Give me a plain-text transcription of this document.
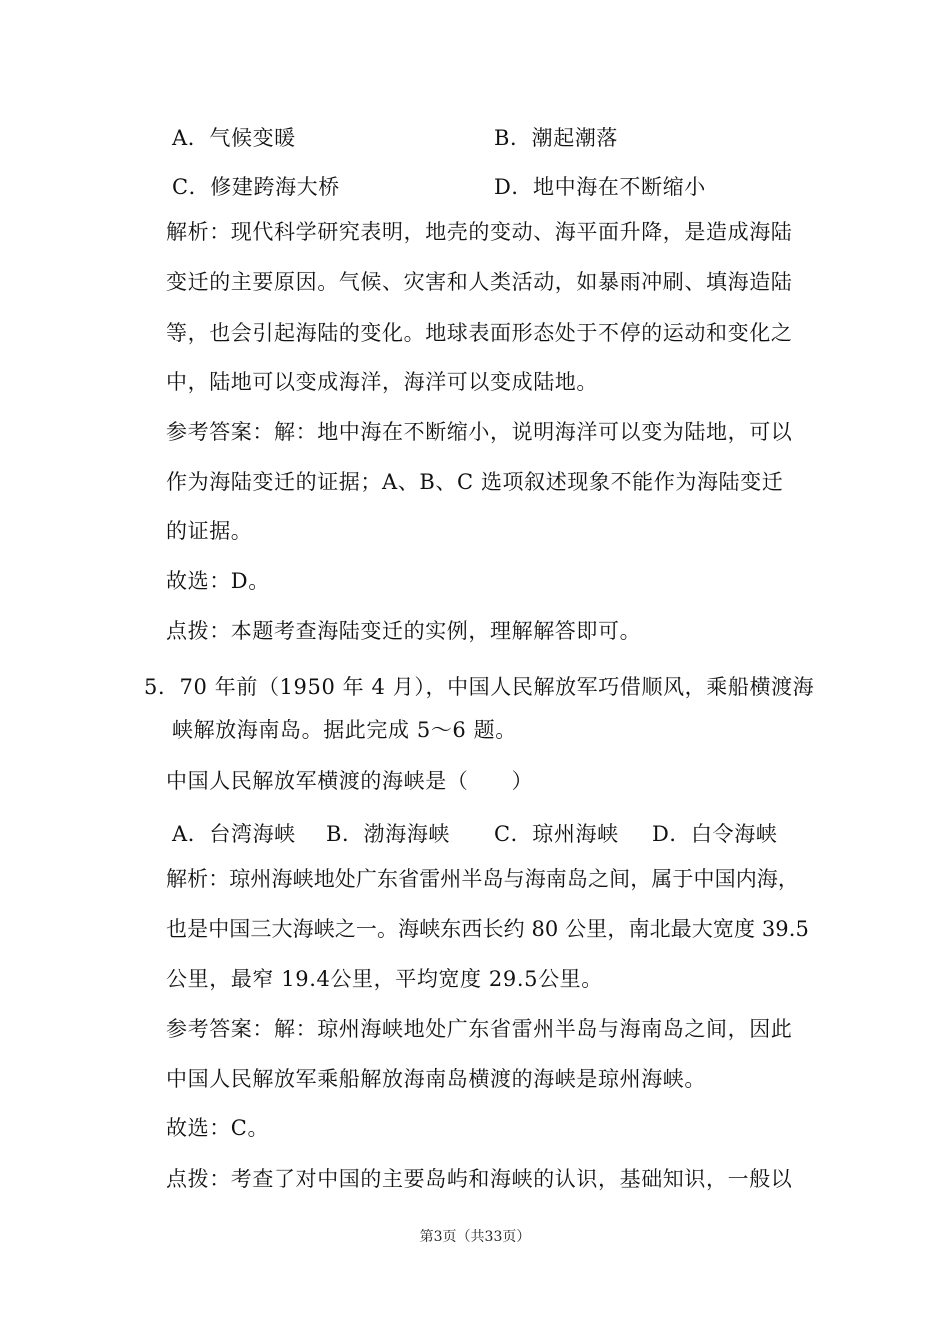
A．气候变暖	B．潮起潮落
C．修建跨海大桥	D．地中海在不断缩小
解析：现代科学研究表明，地壳的变动、海平面升降，是造成海陆
变迁的主要原因。气候、灾害和人类活动，如暴雨冲刷、填海造陆
等，也会引起海陆的变化。地球表面形态处于不停的运动和变化之
中，陆地可以变成海洋，海洋可以变成陆地。
参考答案：解：地中海在不断缩小，说明海洋可以变为陆地，可以
作为海陆变迁的证据；A、B、C 选项叙述现象不能作为海陆变迁
的证据。
故选：D。
点拨：本题考查海陆变迁的实例，理解解答即可。
5．70 年前（1950 年 4 月），中国人民解放军巧借顺风，乘船横渡海
峡解放海南岛。据此完成 5～6 题。
中国人民解放军横渡的海峡是（　　）
A．台湾海峡 B．渤海海峡 C．琼州海峡 D．白令海峡
解析：琼州海峡地处广东省雷州半岛与海南岛之间，属于中国内海，
也是中国三大海峡之一。海峡东西长约 80 公里，南北最大宽度 39.5
公里，最窄 19.4公里，平均宽度 29.5公里。
参考答案：解：琼州海峡地处广东省雷州半岛与海南岛之间，因此
中国人民解放军乘船解放海南岛横渡的海峡是琼州海峡。
故选：C。
点拨：考查了对中国的主要岛屿和海峡的认识，基础知识，一般以
第3页（共33页）
